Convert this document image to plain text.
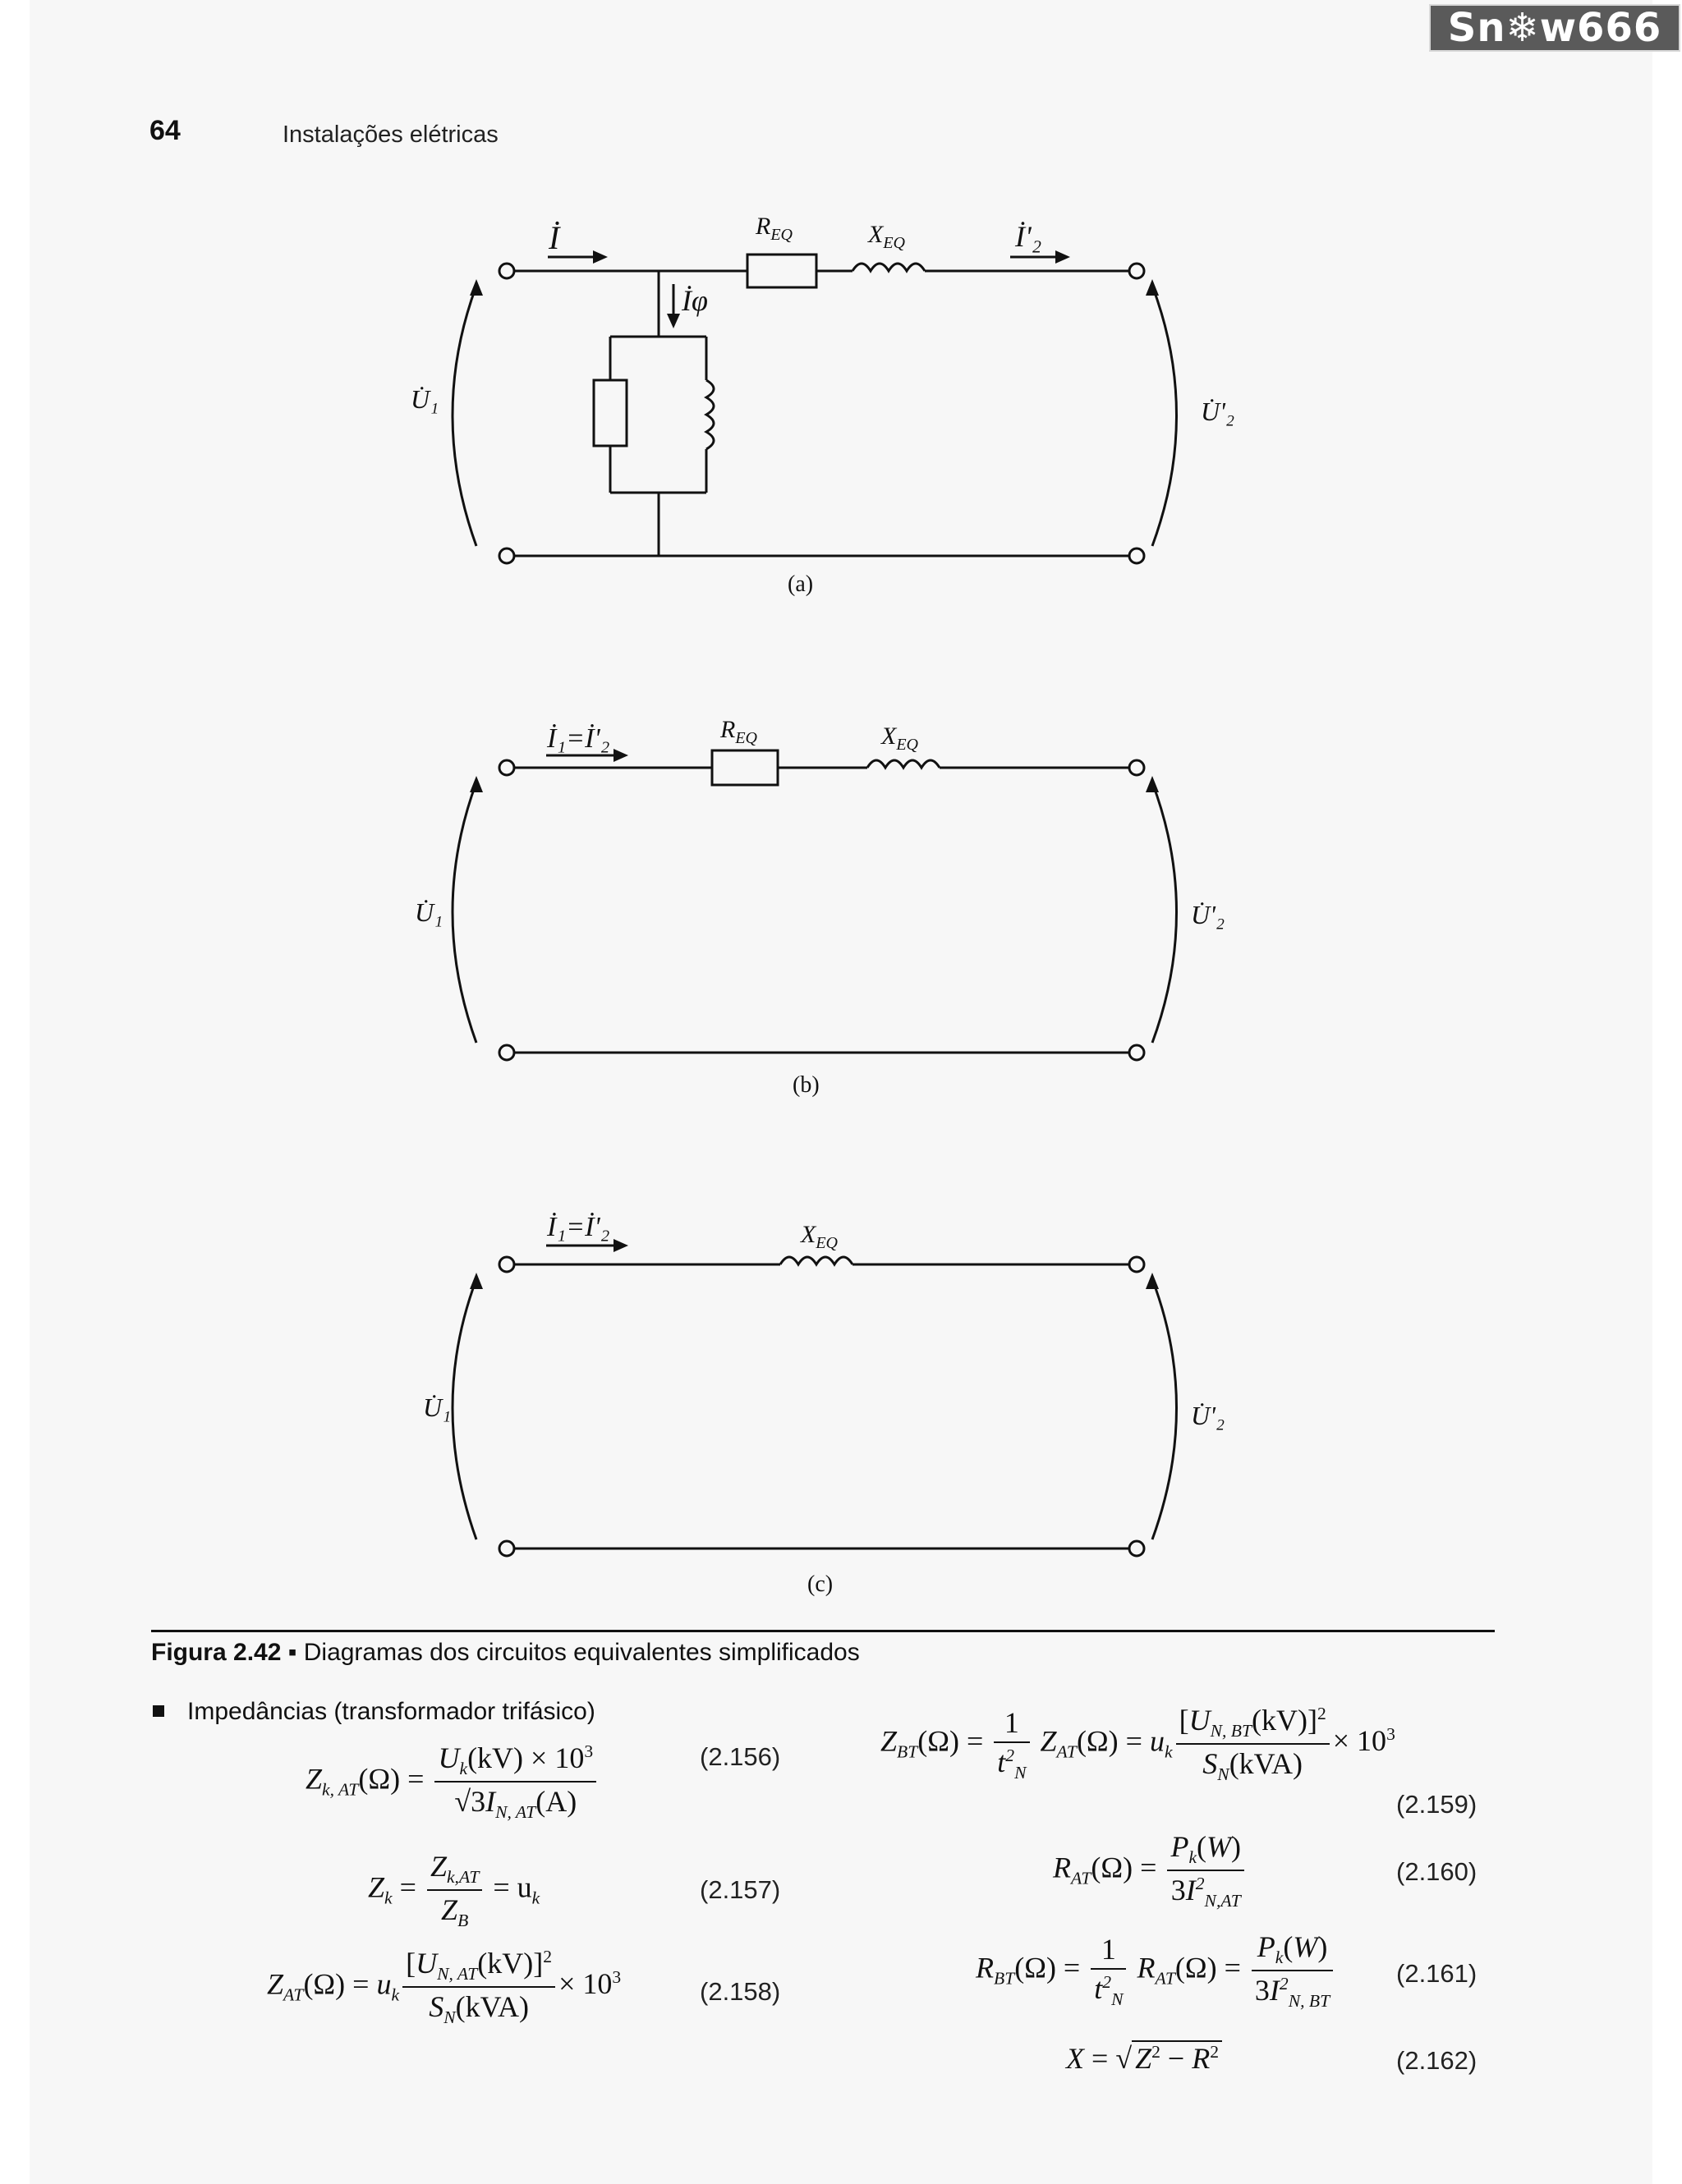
Sn❄w666
64	Instalações elétricas
İ
İφ
İ'₂
$R_{EQ}$	$X_{EQ}$
U̇₁	U̇'₂
(a)
İ₁=İ'₂	$R_{EQ}$	$X_{EQ}$
U̇₁	U̇'₂
(b)
İ₁=İ'₂	$X_{EQ}$
U̇₁	U̇'₂
(c)
Figura 2.42 ▪ Diagramas dos circuitos equivalentes simplificados
Impedâncias (transformador trifásico)
$Z_{k, AT}(\Omega) = \frac{U_k(kV) \times 10^3}{√3I_{N, AT}(A)}$	(2.156)
$Z_k = \frac{Z_{k,AT}}{Z_B} = u_k$	(2.157)
$Z_{AT}(\Omega) = u_k \frac{[U_{N, AT}(kV)]^2}{S_N(kVA)} \times 10^3$	(2.158)
$Z_{BT}(\Omega) = \frac{1}{t^2_N} Z_{AT}(\Omega) = u_k \frac{[U_{N, BT}(kV)]^2}{S_N(kVA)} \times 10^3$
(2.159)
$R_{AT}(\Omega) = \frac{P_k(W)}{3I^2_{N,AT}}$	(2.160)
$R_{BT}(\Omega) = \frac{1}{t^2_N} R_{AT}(\Omega) = \frac{P_k(W)}{3I^2_{N, BT}} (2.161)$
X = √ $Z^2 - R^2$	(2.162)
